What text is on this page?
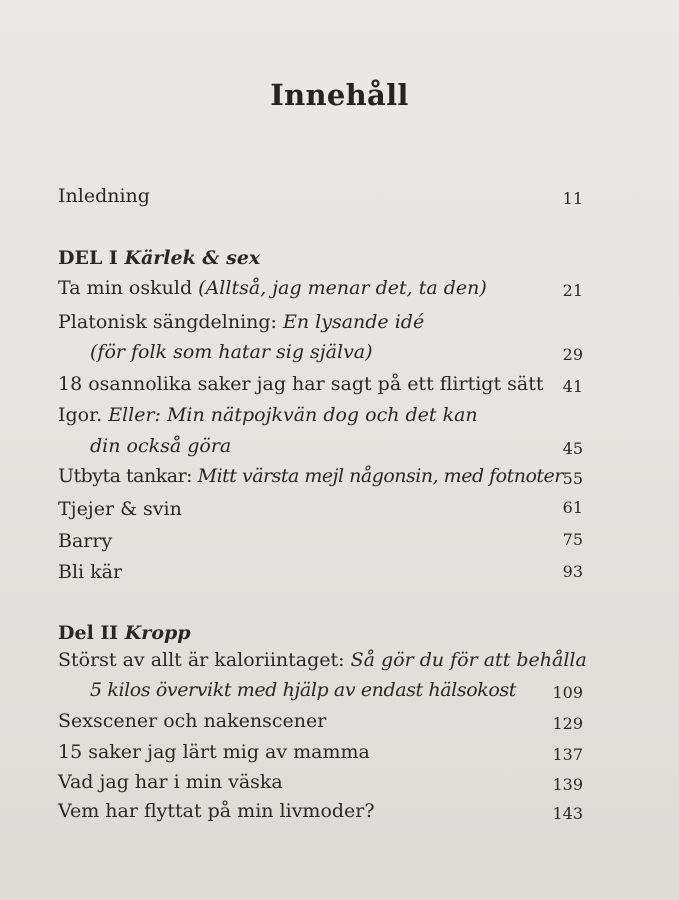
Innehåll
Inledning	11
DEL I Kärlek & sex
Ta min oskuld (Alltså, jag menar det, ta den)	21
Platonisk sängdelning: En lysande idé
(för folk som hatar sig själva)	29
18 osannolika saker jag har sagt på ett flirtigt sätt 41
Igor. Eller: Min nätpojkvän dog och det kan
din också göra	45
Utbyta tankar: Mitt värsta mejl någonsin, med fotnoter 55
Tjejer & svin	61
Barry	75
Bli kär	93
Del II Kropp
Störst av allt är kaloriintaget: Så gör du för att behålla
5 kilos övervikt med hjälp av endast hälsokost 109
Sexscener och nakenscener	129
15 saker jag lärt mig av mamma	137
Vad jag har i min väska	139
Vem har flyttat på min livmoder?	143
